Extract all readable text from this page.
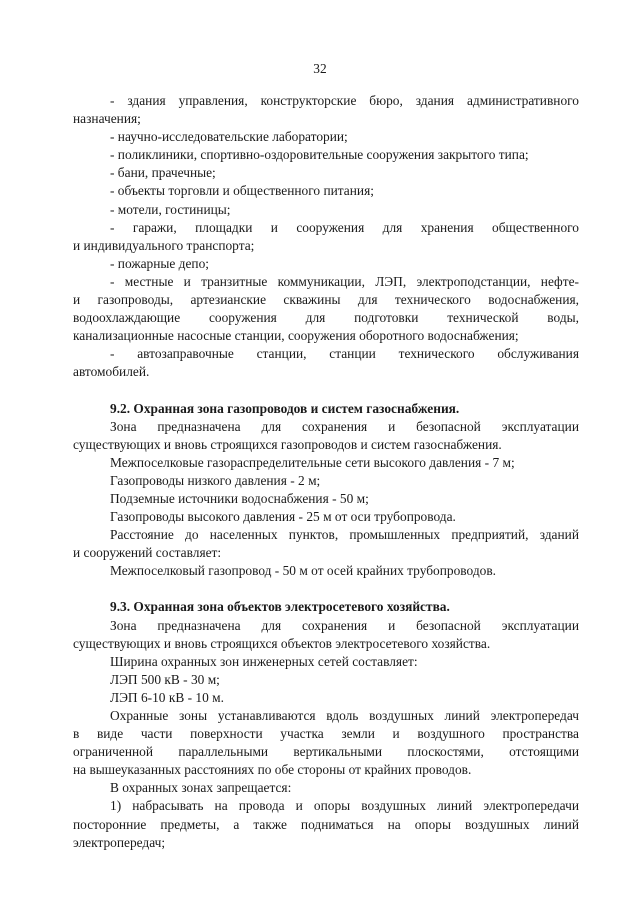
32

- здания управления, конструкторские бюро, здания административного

назначения;

- научно-исследовательские лаборатории;

- поликлиники, спортивно-оздоровительные сооружения закрытого типа;

- бани, прачечные;

- объекты торговли и общественного питания;

- мотели, гостиницы;

- гаражи, площадки и сооружения для хранения общественного

и индивидуального транспорта;

- пожарные депо;

- местные и транзитные коммуникации, ЛЭП, электроподстанции, нефте-

и газопроводы, артезианские скважины для технического водоснабжения,

водоохлаждающие сооружения для подготовки технической воды,

канализационные насосные станции, сооружения оборотного водоснабжения;

- автозаправочные станции, станции технического обслуживания

автомобилей.

9.2. Охранная зона газопроводов и систем газоснабжения.

Зона предназначена для сохранения и безопасной эксплуатации

существующих и вновь строящихся газопроводов и систем газоснабжения.

Межпоселковые газораспределительные сети высокого давления - 7 м;

Газопроводы низкого давления - 2 м;

Подземные источники водоснабжения - 50 м;

Газопроводы высокого давления - 25 м от оси трубопровода.

Расстояние до населенных пунктов, промышленных предприятий, зданий

и сооружений составляет:

Межпоселковый газопровод - 50 м от осей крайних трубопроводов.

9.3. Охранная зона объектов электросетевого хозяйства.

Зона предназначена для сохранения и безопасной эксплуатации

существующих и вновь строящихся объектов электросетевого хозяйства.

Ширина охранных зон инженерных сетей составляет:

ЛЭП 500 кВ - 30 м;

ЛЭП 6-10 кВ - 10 м.

Охранные зоны устанавливаются вдоль воздушных линий электропередач

в виде части поверхности участка земли и воздушного пространства

ограниченной параллельными вертикальными плоскостями, отстоящими

на вышеуказанных расстояниях по обе стороны от крайних проводов.

В охранных зонах запрещается:

1) набрасывать на провода и опоры воздушных линий электропередачи

посторонние предметы, а также подниматься на опоры воздушных линий

электропередач;
